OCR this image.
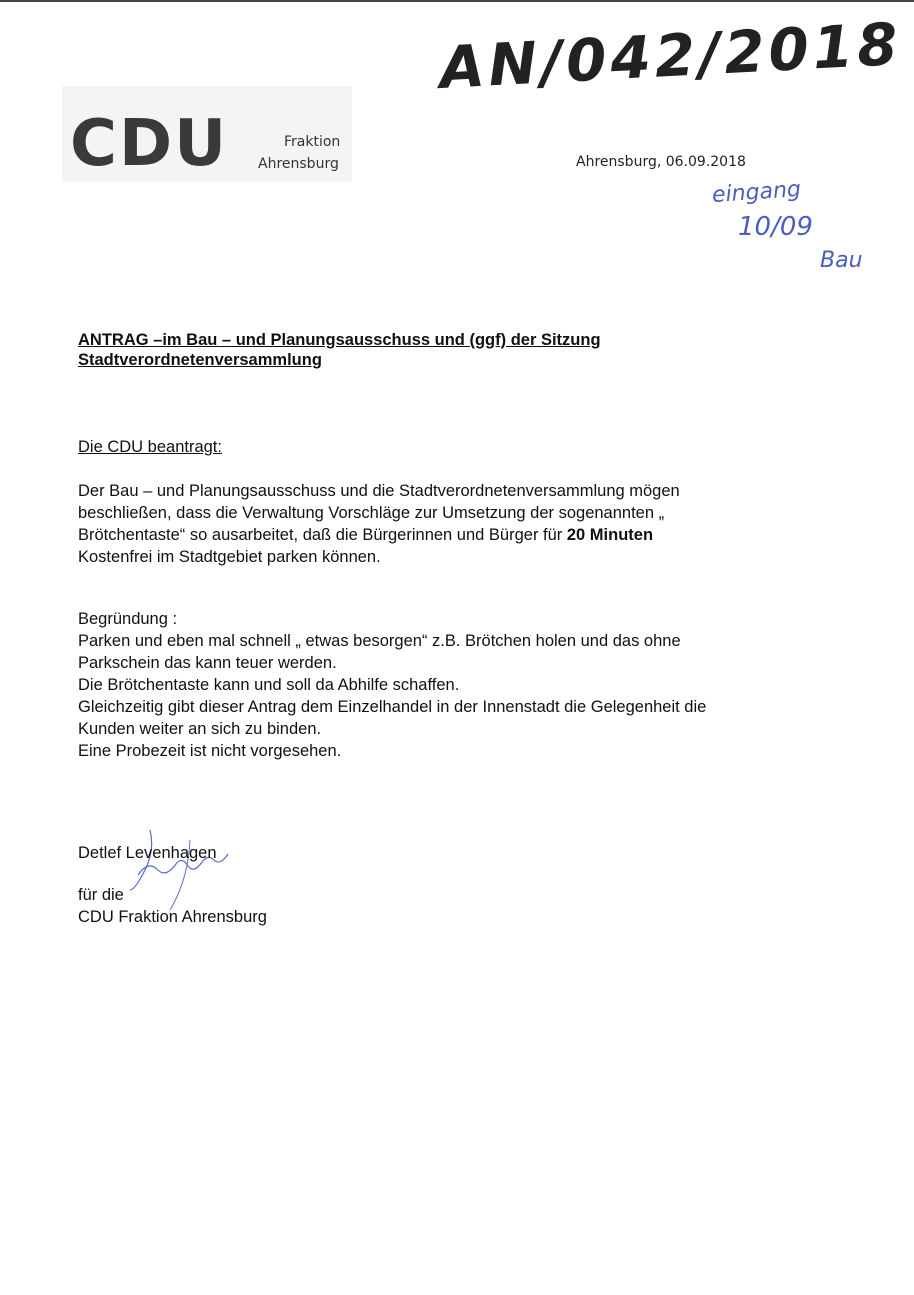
AN/042/2018
CDU	Fraktion
Ahrensburg	Ahrensburg, 06.09.2018
eingang
10/09
Bau
ANTRAG –im Bau – und Planungsausschuss und (ggf) der Sitzung
Stadtverordnetenversammlung
Die CDU beantragt:
Der Bau – und Planungsausschuss und die Stadtverordnetenversammlung mögen
beschließen, dass die Verwaltung Vorschläge zur Umsetzung der sogenannten „
Brötchentaste“ so ausarbeitet, daß die Bürgerinnen und Bürger für 20 Minuten
Kostenfrei im Stadtgebiet parken können.
Begründung :
Parken und eben mal schnell „ etwas besorgen“ z.B. Brötchen holen und das ohne
Parkschein das kann teuer werden.
Die Brötchentaste kann und soll da Abhilfe schaffen.
Gleichzeitig gibt dieser Antrag dem Einzelhandel in der Innenstadt die Gelegenheit die
Kunden weiter an sich zu binden.
Eine Probezeit ist nicht vorgesehen.
Detlef Levenhagen
für die
CDU Fraktion Ahrensburg
